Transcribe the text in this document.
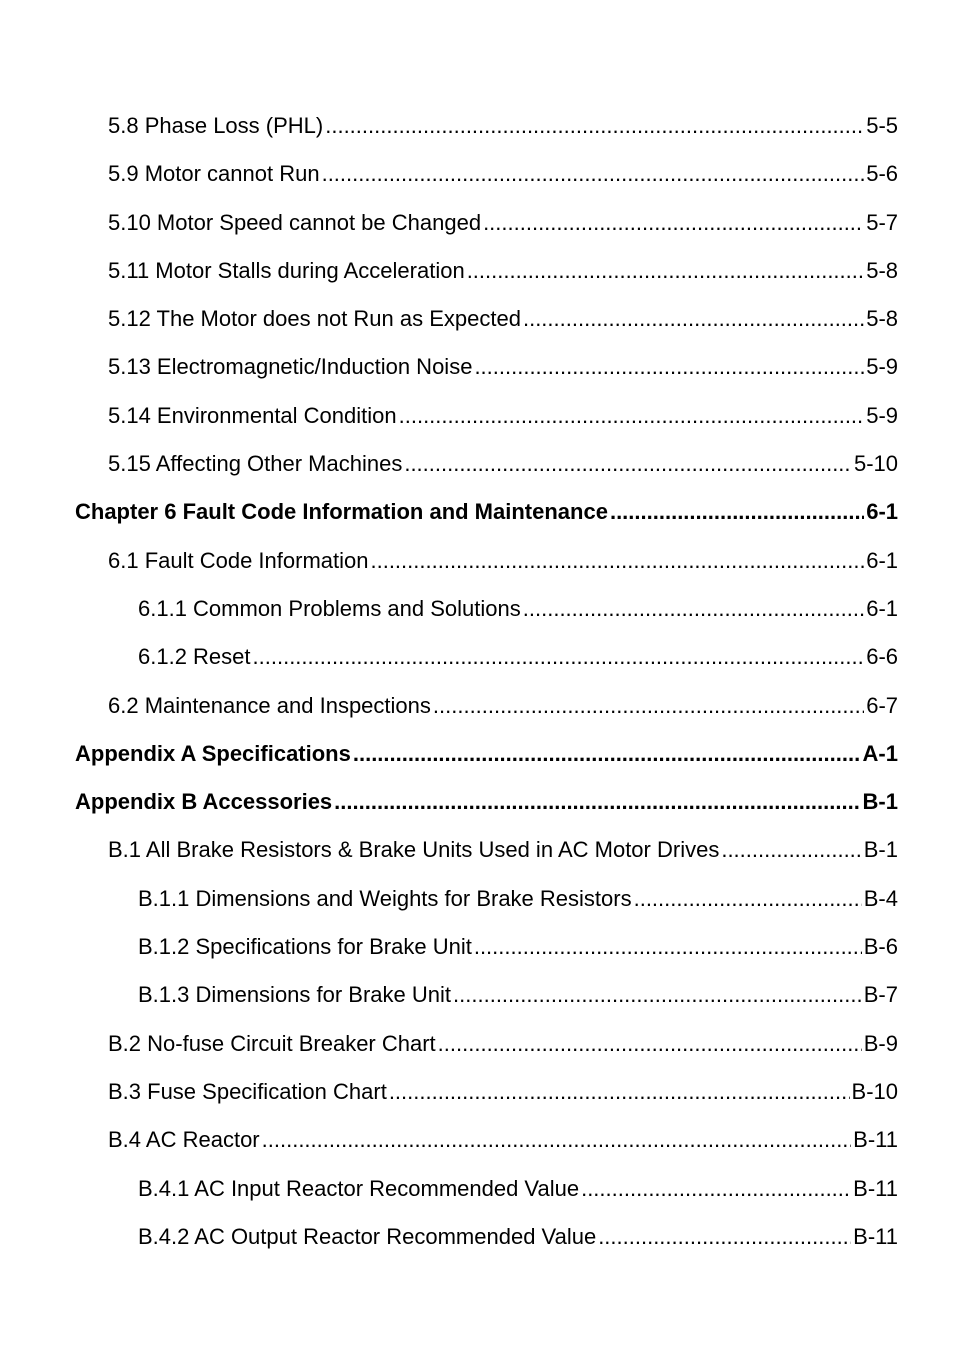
5.8 Phase Loss (PHL) .....	5-5
5.9 Motor cannot Run .....	5-6
5.10 Motor Speed cannot be Changed .....	5-7
5.11 Motor Stalls during Acceleration .....	5-8
5.12 The Motor does not Run as Expected .....	5-8
5.13 Electromagnetic/Induction Noise .....	5-9
5.14 Environmental Condition .....	5-9
5.15 Affecting Other Machines .....	5-10
Chapter 6 Fault Code Information and Maintenance .....	6-1
6.1 Fault Code Information .....	6-1
6.1.1 Common Problems and Solutions .....	6-1
6.1.2 Reset .....	6-6
6.2 Maintenance and Inspections .....	6-7
Appendix A Specifications .....	A-1
Appendix B Accessories .....	B-1
B.1 All Brake Resistors & Brake Units Used in AC Motor Drives .....	B-1
B.1.1 Dimensions and Weights for Brake Resistors .....	B-4
B.1.2 Specifications for Brake Unit .....	B-6
B.1.3 Dimensions for Brake Unit .....	B-7
B.2 No-fuse Circuit Breaker Chart .....	B-9
B.3 Fuse Specification Chart .....	B-10
B.4 AC Reactor .....	B-11
B.4.1 AC Input Reactor Recommended Value .....	B-11
B.4.2 AC Output Reactor Recommended Value .....	B-11
